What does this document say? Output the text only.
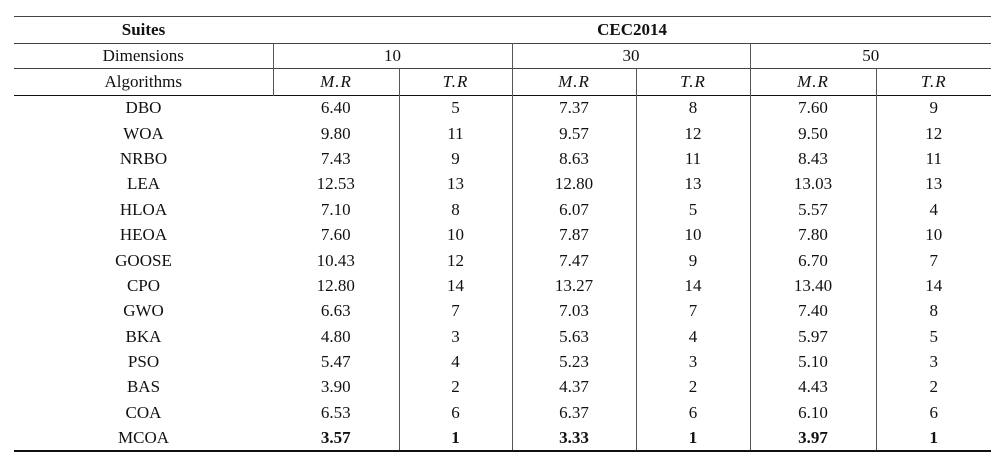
Suites	CEC2014					
Dimensions	10		30		50	
Algorithms	M.R	T.R	M.R	T.R	M.R	T.R
DBO	6.40	5	7.37	8	7.60	9
WOA	9.80	11	9.57	12	9.50	12
NRBO	7.43	9	8.63	11	8.43	11
LEA	12.53	13	12.80	13	13.03	13
HLOA	7.10	8	6.07	5	5.57	4
HEOA	7.60	10	7.87	10	7.80	10
GOOSE	10.43	12	7.47	9	6.70	7
CPO	12.80	14	13.27	14	13.40	14
GWO	6.63	7	7.03	7	7.40	8
BKA	4.80	3	5.63	4	5.97	5
PSO	5.47	4	5.23	3	5.10	3
BAS	3.90	2	4.37	2	4.43	2
COA	6.53	6	6.37	6	6.10	6
MCOA	3.57	1	3.33	1	3.97	1
